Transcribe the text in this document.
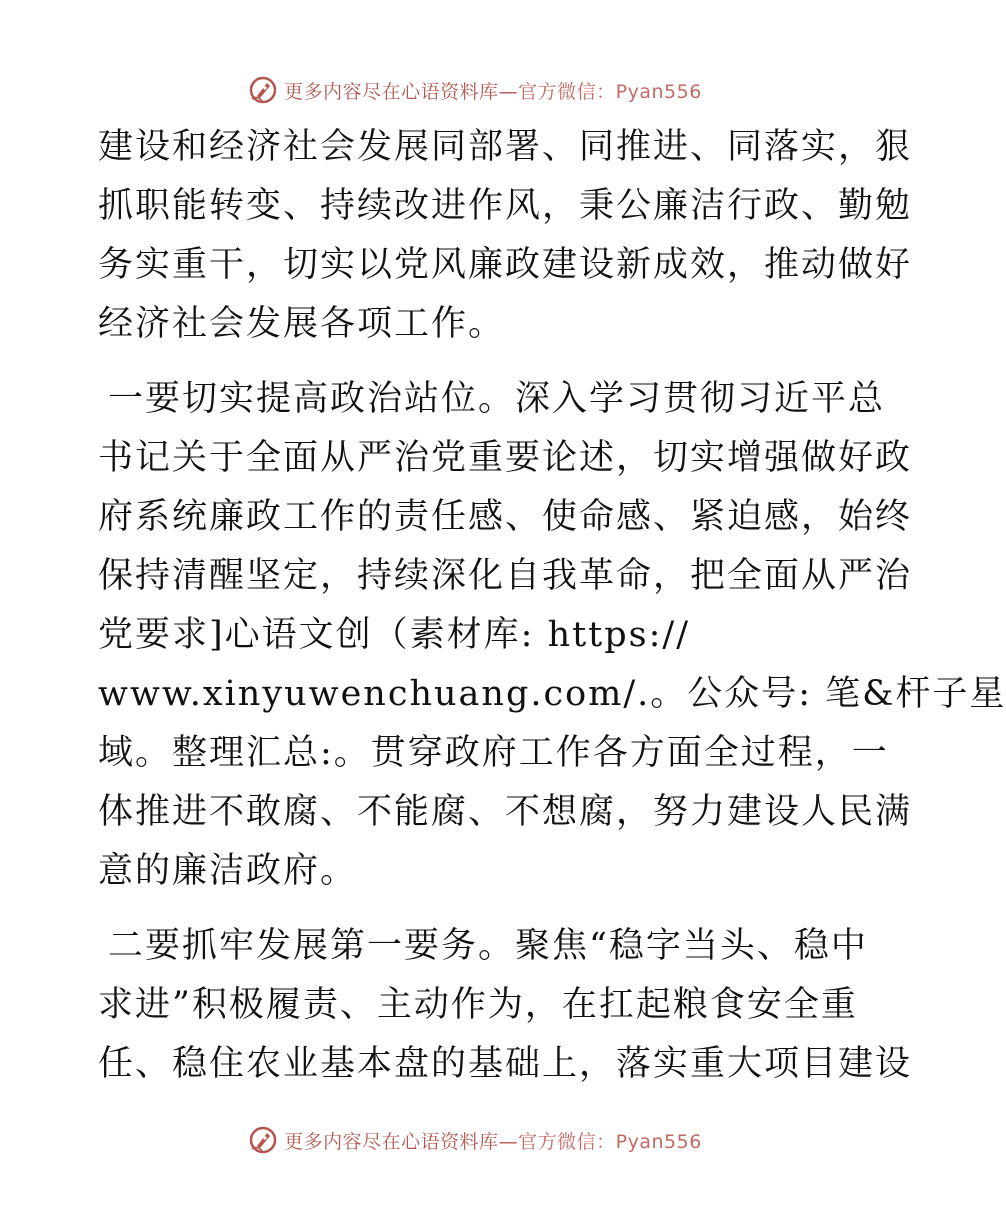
更多内容尽在心语资料库—官方微信：Pyan556
建设和经济社会发展同部署、同推进、同落实，狠
抓职能转变、持续改进作风，秉公廉洁行政、勤勉
务实重干，切实以党风廉政建设新成效，推动做好
经济社会发展各项工作。
一要切实提高政治站位。深入学习贯彻习近平总
书记关于全面从严治党重要论述，切实增强做好政
府系统廉政工作的责任感、使命感、紧迫感，始终
保持清醒坚定，持续深化自我革命，把全面从严治
党要求]心语文创（素材库: https://
www.xinyuwenchuang.com/.。公众号: 笔&杆子星
域。整理汇总:。贯穿政府工作各方面全过程，一
体推进不敢腐、不能腐、不想腐，努力建设人民满
意的廉洁政府。
二要抓牢发展第一要务。聚焦“稳字当头、稳中
求进”积极履责、主动作为，在扛起粮食安全重
任、稳住农业基本盘的基础上，落实重大项目建设
更多内容尽在心语资料库—官方微信：Pyan556
